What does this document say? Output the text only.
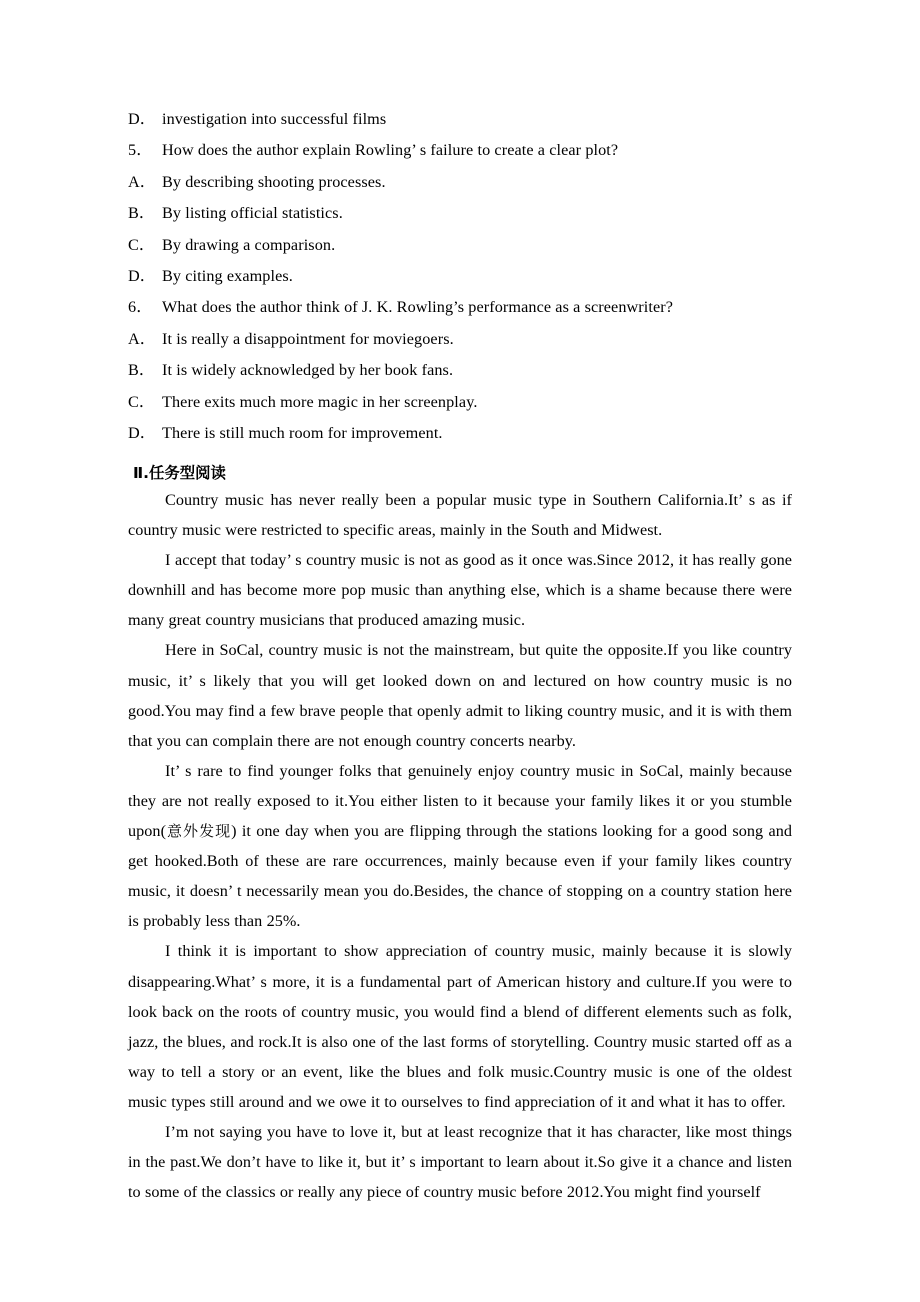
D． investigation into successful films
5． How does the author explain Rowling’ s failure to create a clear plot?
A． By describing shooting processes.
B． By listing official statistics.
C． By drawing a comparison.
D． By citing examples.
6． What does the author think of J. K. Rowling’s performance as a screenwriter?
A． It is really a disappointment for moviegoers.
B． It is widely acknowledged by her book fans.
C． There exits much more magic in her screenplay.
D． There is still much room for improvement.
Ⅱ.任务型阅读

Country music has never really been a popular music type in Southern California.It’ s as if country music were restricted to specific areas, mainly in the South and Midwest.

I accept that today’ s country music is not as good as it once was.Since 2012, it has really gone downhill and has become more pop music than anything else, which is a shame because there were many great country musicians that produced amazing music.

Here in SoCal, country music is not the mainstream, but quite the opposite.If you like country music, it’ s likely that you will get looked down on and lectured on how country music is no good.You may find a few brave people that openly admit to liking country music, and it is with them that you can complain there are not enough country concerts nearby.

It’ s rare to find younger folks that genuinely enjoy country music in SoCal, mainly because they are not really exposed to it.You either listen to it because your family likes it or you stumble upon(意外发现) it one day when you are flipping through the stations looking for a good song and get hooked.Both of these are rare occurrences, mainly because even if your family likes country music, it doesn’ t necessarily mean you do.Besides, the chance of stopping on a country station here is probably less than 25%.

I think it is important to show appreciation of country music, mainly because it is slowly disappearing.What’ s more, it is a fundamental part of American history and culture.If you were to look back on the roots of country music, you would find a blend of different elements such as folk, jazz, the blues, and rock.It is also one of the last forms of storytelling. Country music started off as a way to tell a story or an event, like the blues and folk music.Country music is one of the oldest music types still around and we owe it to ourselves to find appreciation of it and what it has to offer.

I’m not saying you have to love it, but at least recognize that it has character, like most things in the past.We don’t have to like it, but it’ s important to learn about it.So give it a chance and listen to some of the classics or really any piece of country music before 2012.You might find yourself
